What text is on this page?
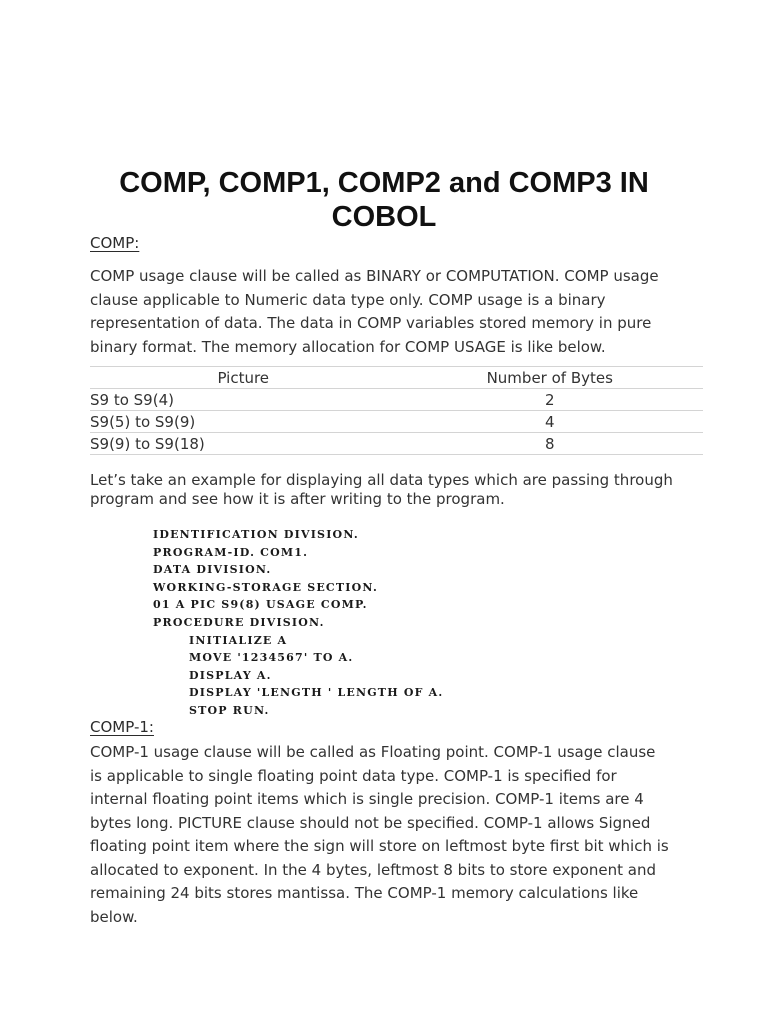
COMP, COMP1, COMP2 and COMP3 IN
COBOL
COMP:
COMP usage clause will be called as BINARY or COMPUTATION. COMP usage
clause applicable to Numeric data type only. COMP usage is a binary
representation of data. The data in COMP variables stored memory in pure
binary format. The memory allocation for COMP USAGE is like below.
Picture	Number of Bytes
S9 to S9(4)	2
S9(5) to S9(9)	4
S9(9) to S9(18)	8
Let’s take an example for displaying all data types which are passing through
program and see how it is after writing to the program.
IDENTIFICATION DIVISION.
PROGRAM-ID. COM1.
DATA DIVISION.
WORKING-STORAGE SECTION.
01 A PIC S9(8) USAGE COMP.
PROCEDURE DIVISION.
INITIALIZE A
MOVE '1234567' TO A.
DISPLAY A.
DISPLAY 'LENGTH ' LENGTH OF A.
STOP RUN.
COMP-1:
COMP-1 usage clause will be called as Floating point. COMP-1 usage clause
is applicable to single floating point data type. COMP-1 is specified for
internal floating point items which is single precision. COMP-1 items are 4
bytes long. PICTURE clause should not be specified. COMP-1 allows Signed
floating point item where the sign will store on leftmost byte first bit which is
allocated to exponent. In the 4 bytes, leftmost 8 bits to store exponent and
remaining 24 bits stores mantissa. The COMP-1 memory calculations like
below.
